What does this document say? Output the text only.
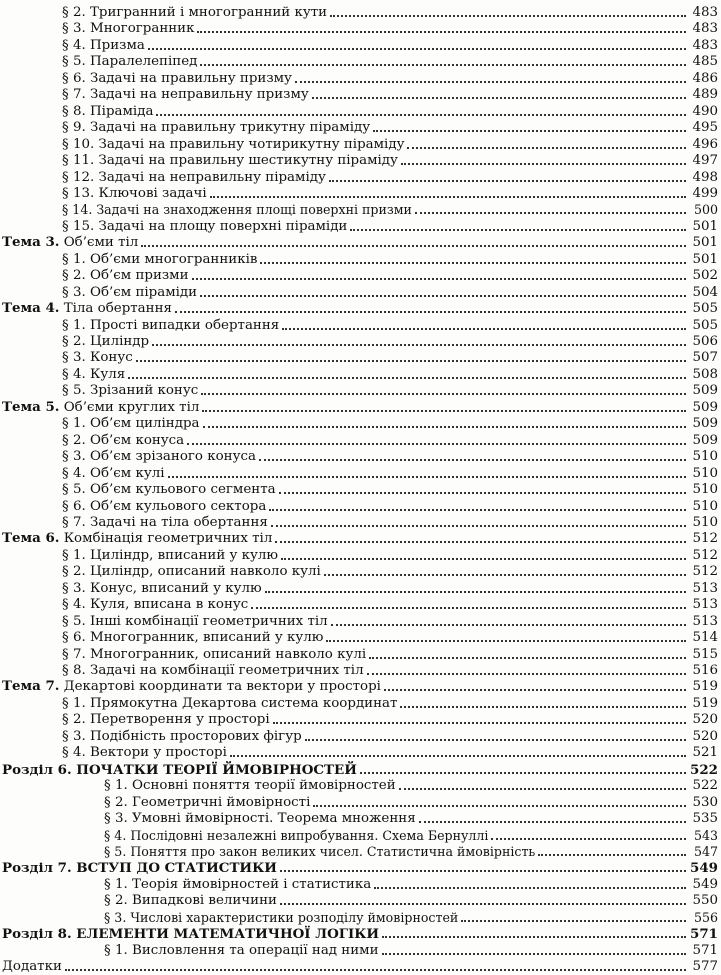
§ 2. Тригранний і многогранний кути	483
§ 3. Многогранник	483
§ 4. Призма	483
§ 5. Паралелепіпед	485
§ 6. Задачі на правильну призму	486
§ 7. Задачі на неправильну призму	489
§ 8. Піраміда	490
§ 9. Задачі на правильну трикутну піраміду	495
§ 10. Задачі на правильну чотирикутну піраміду	496
§ 11. Задачі на правильну шестикутну піраміду	497
§ 12. Задачі на неправильну піраміду	498
§ 13. Ключові задачі	499
§ 14. Задачі на знаходження площі поверхні призми	500
§ 15. Задачі на площу поверхні піраміди	501
Тема 3. Об’єми тіл	501
§ 1. Об’єми многогранників	501
§ 2. Об’єм призми	502
§ 3. Об’єм піраміди	504
Тема 4. Тіла обертання	505
§ 1. Прості випадки обертання	505
§ 2. Циліндр	506
§ 3. Конус	507
§ 4. Куля	508
§ 5. Зрізаний конус	509
Тема 5. Об’єми круглих тіл	509
§ 1. Об’єм циліндра	509
§ 2. Об’єм конуса	509
§ 3. Об’єм зрізаного конуса	510
§ 4. Об’єм кулі	510
§ 5. Об’єм кульового сегмента	510
§ 6. Об’єм кульового сектора	510
§ 7. Задачі на тіла обертання	510
Тема 6. Комбінація геометричних тіл	512
§ 1. Циліндр, вписаний у кулю	512
§ 2. Циліндр, описаний навколо кулі	512
§ 3. Конус, вписаний у кулю	513
§ 4. Куля, вписана в конус	513
§ 5. Інші комбінації геометричних тіл	513
§ 6. Многогранник, вписаний у кулю	514
§ 7. Многогранник, описаний навколо кулі	515
§ 8. Задачі на комбінації геометричних тіл	516
Тема 7. Декартові координати та вектори у просторі	519
§ 1. Прямокутна Декартова система координат	519
§ 2. Перетворення у просторі	520
§ 3. Подібність просторових фігур	520
§ 4. Вектори у просторі	521
Розділ 6. ПОЧАТКИ ТЕОРІЇ ЙМОВІРНОСТЕЙ	522
§ 1. Основні поняття теорії ймовірностей	522
§ 2. Геометричні ймовірності	530
§ 3. Умовні ймовірності. Теорема множення	535
§ 4. Послідовні незалежні випробування. Схема Бернуллі	543
§ 5. Поняття про закон великих чисел. Статистична ймовірність	547
Розділ 7. ВСТУП ДО СТАТИСТИКИ	549
§ 1. Теорія ймовірностей і статистика	549
§ 2. Випадкові величини	550
§ 3. Числові характеристики розподілу ймовірностей	556
Розділ 8. ЕЛЕМЕНТИ МАТЕМАТИЧНОЇ ЛОГІКИ	571
§ 1. Висловлення та операції над ними	571
Додатки	577
